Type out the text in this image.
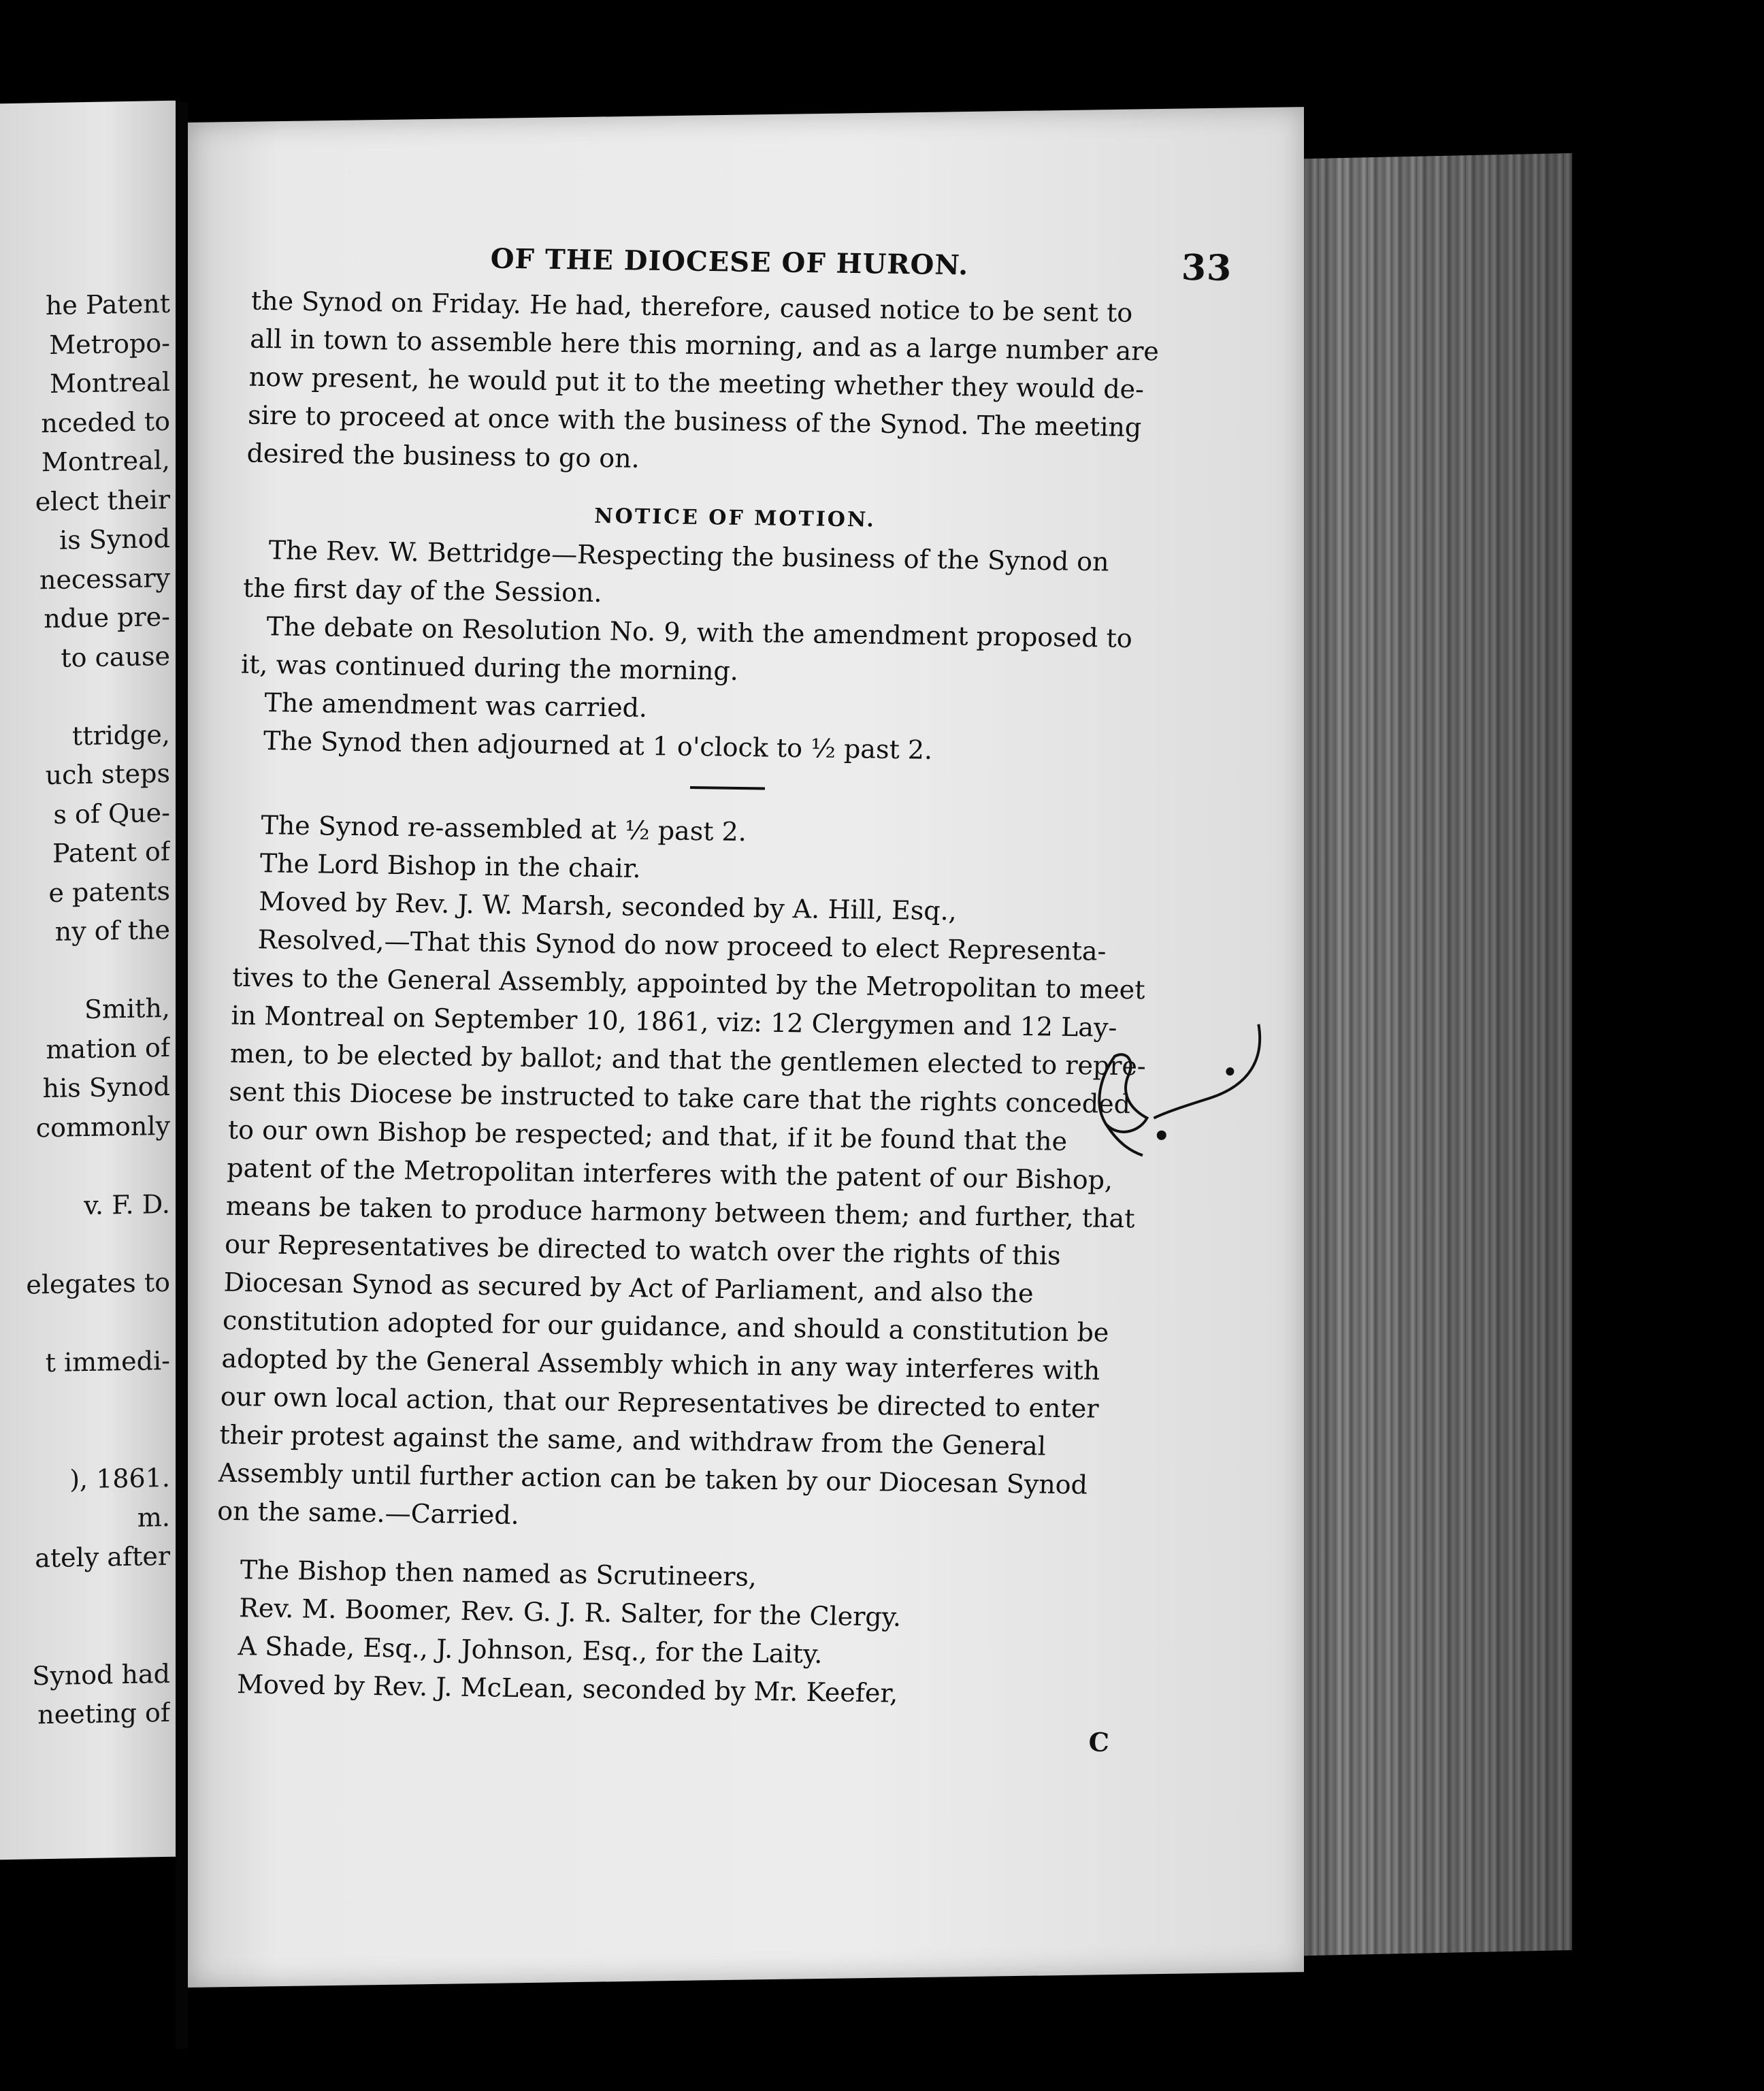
he Patent
Metropo-
Montreal
nceded to
Montreal,
elect their
is Synod
necessary
ndue pre-
to cause
ttridge,
uch steps
s of Que-
Patent of
e patents
ny of the
Smith,
mation of
his Synod
commonly
v. F. D.
elegates to
t immedi-
), 1861.
m.
ately after
Synod had
neeting of
OF THE DIOCESE OF HURON.	33
the Synod on Friday. He had, therefore, caused notice to be sent to
all in town to assemble here this morning, and as a large number are
now present, he would put it to the meeting whether they would de-
sire to proceed at once with the business of the Synod. The meeting
desired the business to go on.
NOTICE OF MOTION.
The Rev. W. Bettridge—Respecting the business of the Synod on
the first day of the Session.
The debate on Resolution No. 9, with the amendment proposed to
it, was continued during the morning.
The amendment was carried.
The Synod then adjourned at 1 o'clock to ½ past 2.
The Synod re-assembled at ½ past 2.
The Lord Bishop in the chair.
Moved by Rev. J. W. Marsh, seconded by A. Hill, Esq.,
Resolved,—That this Synod do now proceed to elect Representa-
tives to the General Assembly, appointed by the Metropolitan to meet
in Montreal on September 10, 1861, viz: 12 Clergymen and 12 Lay-
men, to be elected by ballot; and that the gentlemen elected to repre-
sent this Diocese be instructed to take care that the rights conceded
to our own Bishop be respected; and that, if it be found that the
patent of the Metropolitan interferes with the patent of our Bishop,
means be taken to produce harmony between them; and further, that
our Representatives be directed to watch over the rights of this
Diocesan Synod as secured by Act of Parliament, and also the
constitution adopted for our guidance, and should a constitution be
adopted by the General Assembly which in any way interferes with
our own local action, that our Representatives be directed to enter
their protest against the same, and withdraw from the General
Assembly until further action can be taken by our Diocesan Synod
on the same.—Carried.
The Bishop then named as Scrutineers,
Rev. M. Boomer, Rev. G. J. R. Salter, for the Clergy.
A Shade, Esq., J. Johnson, Esq., for the Laity.
Moved by Rev. J. McLean, seconded by Mr. Keefer,
C
